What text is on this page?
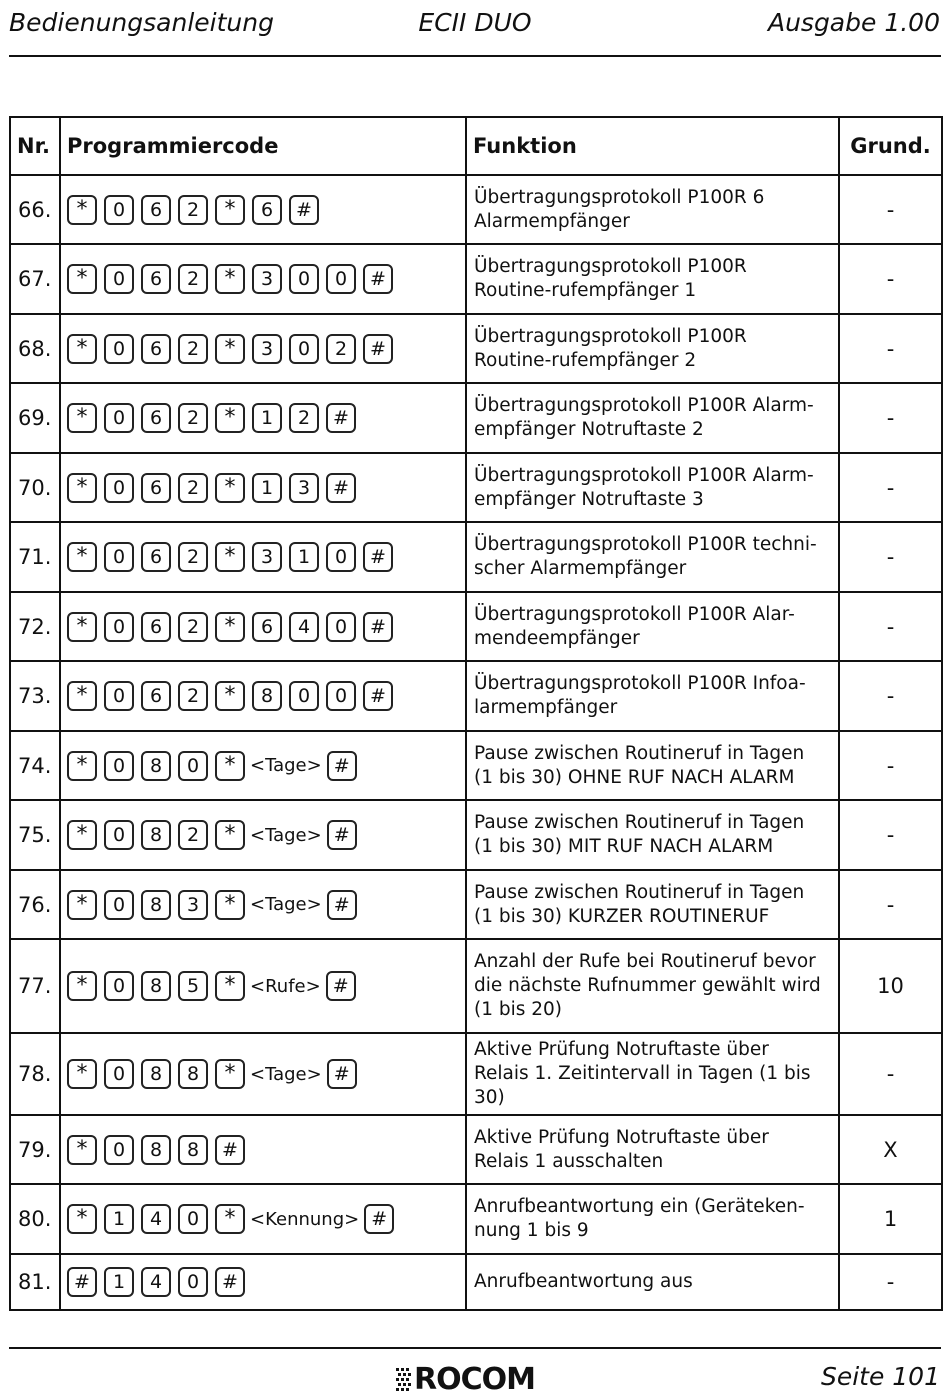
Bedienungsanleitung	ECII DUO	Ausgabe 1.00
Nr.	Programmiercode	Funktion	Grund.
66.	* 0 6 2 * 6 #	Übertragungsprotokoll P100R 6 Alarmempfänger	-
67.	* 0 6 2 * 3 0 0 #	Übertragungsprotokoll P100R Routine-rufempfänger 1	-
68.	* 0 6 2 * 3 0 2 #	Übertragungsprotokoll P100R Routine-rufempfänger 2	-
69.	* 0 6 2 * 1 2 #	Übertragungsprotokoll P100R Alarm-empfänger Notruftaste 2	-
70.	* 0 6 2 * 1 3 #	Übertragungsprotokoll P100R Alarm-empfänger Notruftaste 3	-
71.	* 0 6 2 * 3 1 0 #	Übertragungsprotokoll P100R techni-scher Alarmempfänger	-
72.	* 0 6 2 * 6 4 0 #	Übertragungsprotokoll P100R Alar-mendeempfänger	-
73.	* 0 6 2 * 8 0 0 #	Übertragungsprotokoll P100R Infoa-larmempfänger	-
74.	* 0 8 0 * <Tage> #	Pause zwischen Routineruf in Tagen (1 bis 30) OHNE RUF NACH ALARM	-
75.	* 0 8 2 * <Tage> #	Pause zwischen Routineruf in Tagen (1 bis 30) MIT RUF NACH ALARM	-
76.	* 0 8 3 * <Tage> #	Pause zwischen Routineruf in Tagen (1 bis 30) KURZER ROUTINERUF	-
77.	* 0 8 5 * <Rufe> #	Anzahl der Rufe bei Routineruf bevor die nächste Rufnummer gewählt wird (1 bis 20)	10
78.	* 0 8 8 * <Tage> #	Aktive Prüfung Notruftaste über Relais 1. Zeitintervall in Tagen (1 bis 30)	-
79.	* 0 8 8 #	Aktive Prüfung Notruftaste über Relais 1 ausschalten	X
80.	* 1 4 0 * <Kennung> #	Anrufbeantwortung ein (Geräteken-nung 1 bis 9	1
81.	# 1 4 0 #	Anrufbeantwortung aus	-
ROCOM	Seite 101
